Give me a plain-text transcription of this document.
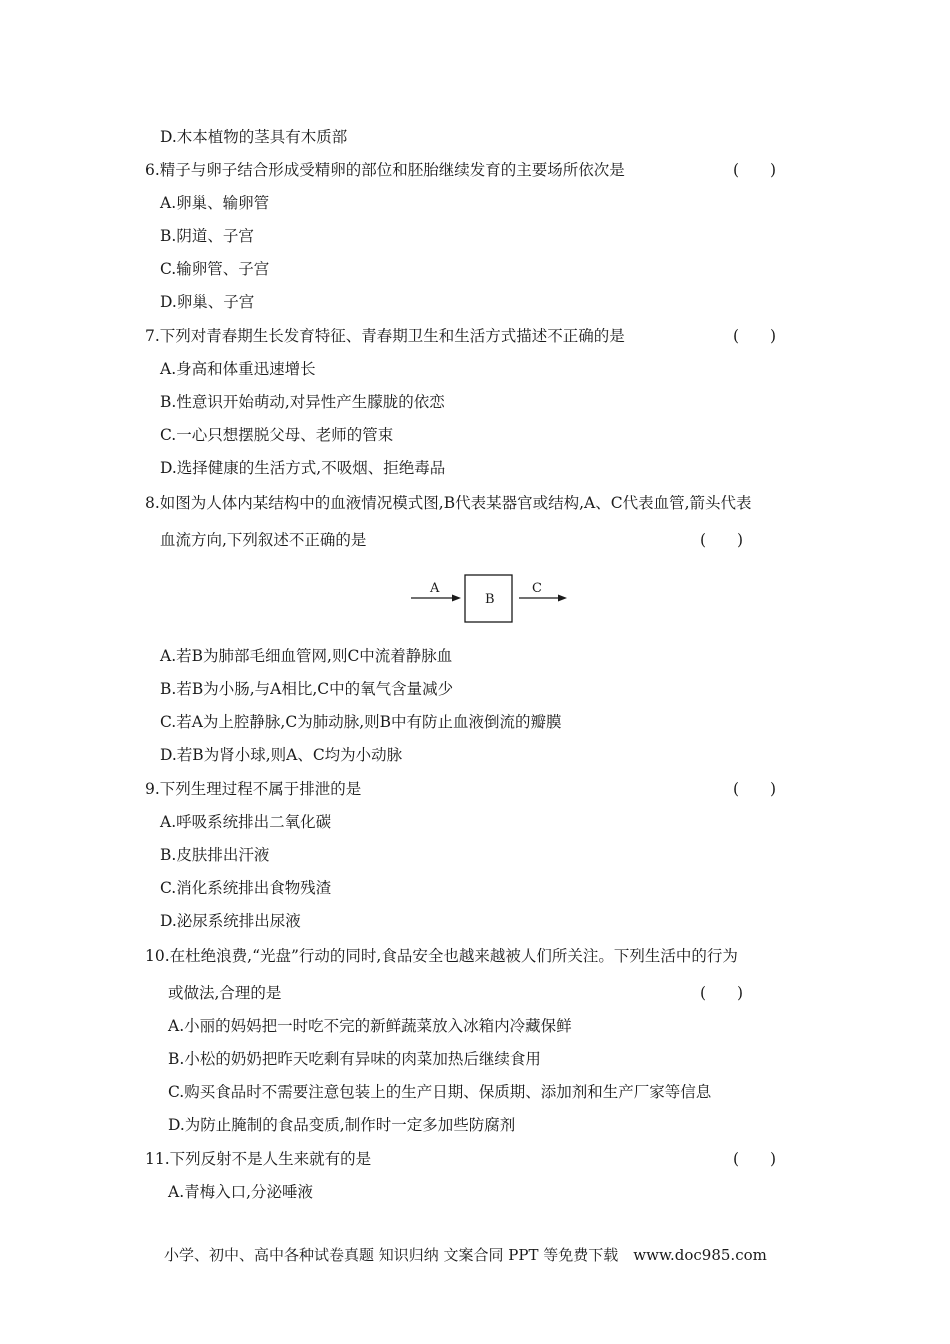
D.木本植物的茎具有木质部
6.精子与卵子结合形成受精卵的部位和胚胎继续发育的主要场所依次是	(　　)
A.卵巢、输卵管
B.阴道、子宫
C.输卵管、子宫
D.卵巢、子宫
7.下列对青春期生长发育特征、青春期卫生和生活方式描述不正确的是	(　　)
A.身高和体重迅速增长
B.性意识开始萌动,对异性产生朦胧的依恋
C.一心只想摆脱父母、老师的管束
D.选择健康的生活方式,不吸烟、拒绝毒品
8.如图为人体内某结构中的血液情况模式图,B代表某器官或结构,A、C代表血管,箭头代表
血流方向,下列叙述不正确的是	(　　)
A
B
C
A.若B为肺部毛细血管网,则C中流着静脉血
B.若B为小肠,与A相比,C中的氧气含量减少
C.若A为上腔静脉,C为肺动脉,则B中有防止血液倒流的瓣膜
D.若B为肾小球,则A、C均为小动脉
9.下列生理过程不属于排泄的是	(　　)
A.呼吸系统排出二氧化碳
B.皮肤排出汗液
C.消化系统排出食物残渣
D.泌尿系统排出尿液
10.在杜绝浪费,“光盘”行动的同时,食品安全也越来越被人们所关注。下列生活中的行为
或做法,合理的是	(　　)
A.小丽的妈妈把一时吃不完的新鲜蔬菜放入冰箱内冷藏保鲜
B.小松的奶奶把昨天吃剩有异味的肉菜加热后继续食用
C.购买食品时不需要注意包装上的生产日期、保质期、添加剂和生产厂家等信息
D.为防止腌制的食品变质,制作时一定多加些防腐剂
11.下列反射不是人生来就有的是	(　　)
A.青梅入口,分泌唾液
小学、初中、高中各种试卷真题 知识归纳 文案合同 PPT 等免费下载　www.doc985.com
